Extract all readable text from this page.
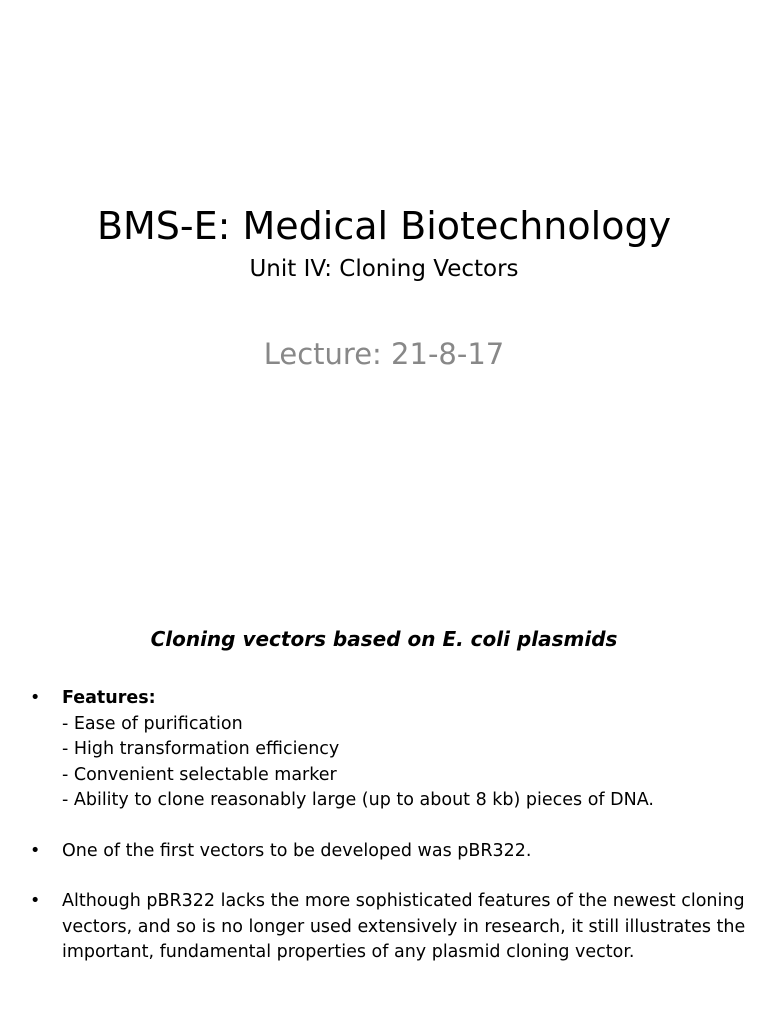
BMS-E: Medical Biotechnology
Unit IV: Cloning Vectors
Lecture: 21-8-17
Cloning vectors based on E. coli plasmids
• Features:
- Ease of purification
- High transformation efficiency
- Convenient selectable marker
- Ability to clone reasonably large (up to about 8 kb) pieces of DNA.
• One of the first vectors to be developed was pBR322.
• Although pBR322 lacks the more sophisticated features of the newest cloning vectors, and so is no longer used extensively in research, it still illustrates the important, fundamental properties of any plasmid cloning vector.
